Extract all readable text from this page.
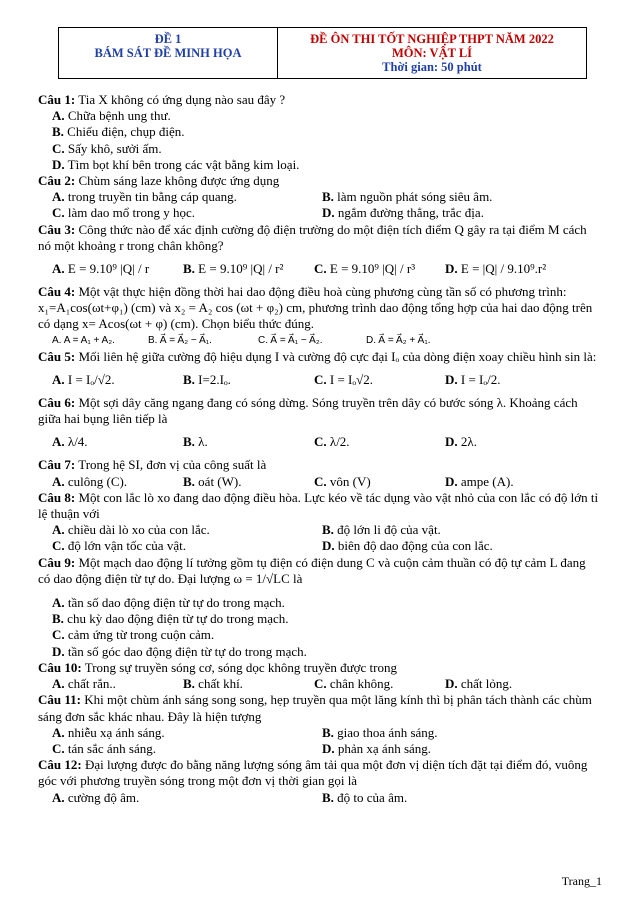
ĐỀ 1
BÁM SÁT ĐỀ MINH HỌA
ĐỀ ÔN THI TỐT NGHIỆP THPT NĂM 2022
MÔN: VẬT LÍ
Thời gian: 50 phút

Câu 1: Tia X không có ứng dụng nào sau đây ?

A. Chữa bệnh ung thư.

B. Chiếu điện, chụp điện.

C. Sấy khô, sưởi ấm.

D. Tìm bọt khí bên trong các vật bằng kim loại.

Câu 2: Chùm sáng laze không được ứng dụng

A. trong truyền tin bằng cáp quang.	B. làm nguồn phát sóng siêu âm.
C. làm dao mổ trong y học.	D. ngắm đường thẳng, trắc địa.

Câu 3: Công thức nào để xác định cường độ điện trường do một điện tích điểm Q gây ra tại điểm M cách nó một khoảng r trong chân không?

A. E = 9.10⁹ |Q| / r	B. E = 9.10⁹ |Q| / r²	C. E = 9.10⁹ |Q| / r³	D. E = |Q| / 9.10⁹.r²

Câu 4: Một vật thực hiện đồng thời hai dao động điều hoà cùng phương cùng tần số có phương trình: x₁=A₁cos(ωt+φ₁) (cm) và x₂ = A₂ cos (ωt + φ₂) cm, phương trình dao động tổng hợp của hai dao động trên có dạng x= Acos(ωt + φ) (cm). Chọn biểu thức đúng.

A. A = A₁ + A₂.	B. A⃗ = A⃗₂ − A⃗₁.	C. A⃗ = A⃗₁ − A⃗₂.	D. A⃗ = A⃗₂ + A⃗₁.

Câu 5: Mối liên hệ giữa cường độ hiệu dụng I và cường độ cực đại Iₒ của dòng điện xoay chiều hình sin là:

A. I = Iₒ/√2.	B. I=2.Iₒ.	C. I = Iₒ√2.	D. I = Iₒ/2.

Câu 6: Một sợi dây căng ngang đang có sóng dừng. Sóng truyền trên dây có bước sóng λ. Khoảng cách giữa hai bụng liên tiếp là

A. λ/4.	B. λ.	C. λ/2.	D. 2λ.

Câu 7: Trong hệ SI, đơn vị của công suất là

A. culông (C).	B. oát (W).	C. vôn (V)	D. ampe (A).

Câu 8: Một con lắc lò xo đang dao động điều hòa. Lực kéo về tác dụng vào vật nhỏ của con lắc có độ lớn tỉ lệ thuận với

A. chiều dài lò xo của con lắc.	B. độ lớn li độ của vật.
C. độ lớn vận tốc của vật.	D. biên độ dao động của con lắc.

Câu 9: Một mạch dao động lí tưởng gồm tụ điện có điện dung C và cuộn cảm thuần có độ tự cảm L đang có dao động điện từ tự do. Đại lượng ω = 1/√LC là

A. tần số dao động điện từ tự do trong mạch.

B. chu kỳ dao động điện từ tự do trong mạch.

C. cảm ứng từ trong cuộn cảm.

D. tần số góc dao động điện từ tự do trong mạch.

Câu 10: Trong sự truyền sóng cơ, sóng dọc không truyền được trong

A. chất rắn..	B. chất khí.	C. chân không.	D. chất lỏng.

Câu 11: Khi một chùm ánh sáng song song, hẹp truyền qua một lăng kính thì bị phân tách thành các chùm sáng đơn sắc khác nhau. Đây là hiện tượng

A. nhiễu xạ ánh sáng.	B. giao thoa ánh sáng.
C. tán sắc ánh sáng.	D. phản xạ ánh sáng.

Câu 12: Đại lượng được đo bằng năng lượng sóng âm tải qua một đơn vị diện tích đặt tại điểm đó, vuông góc với phương truyền sóng trong một đơn vị thời gian gọi là

A. cường độ âm.	B. độ to của âm.
Trang_1
